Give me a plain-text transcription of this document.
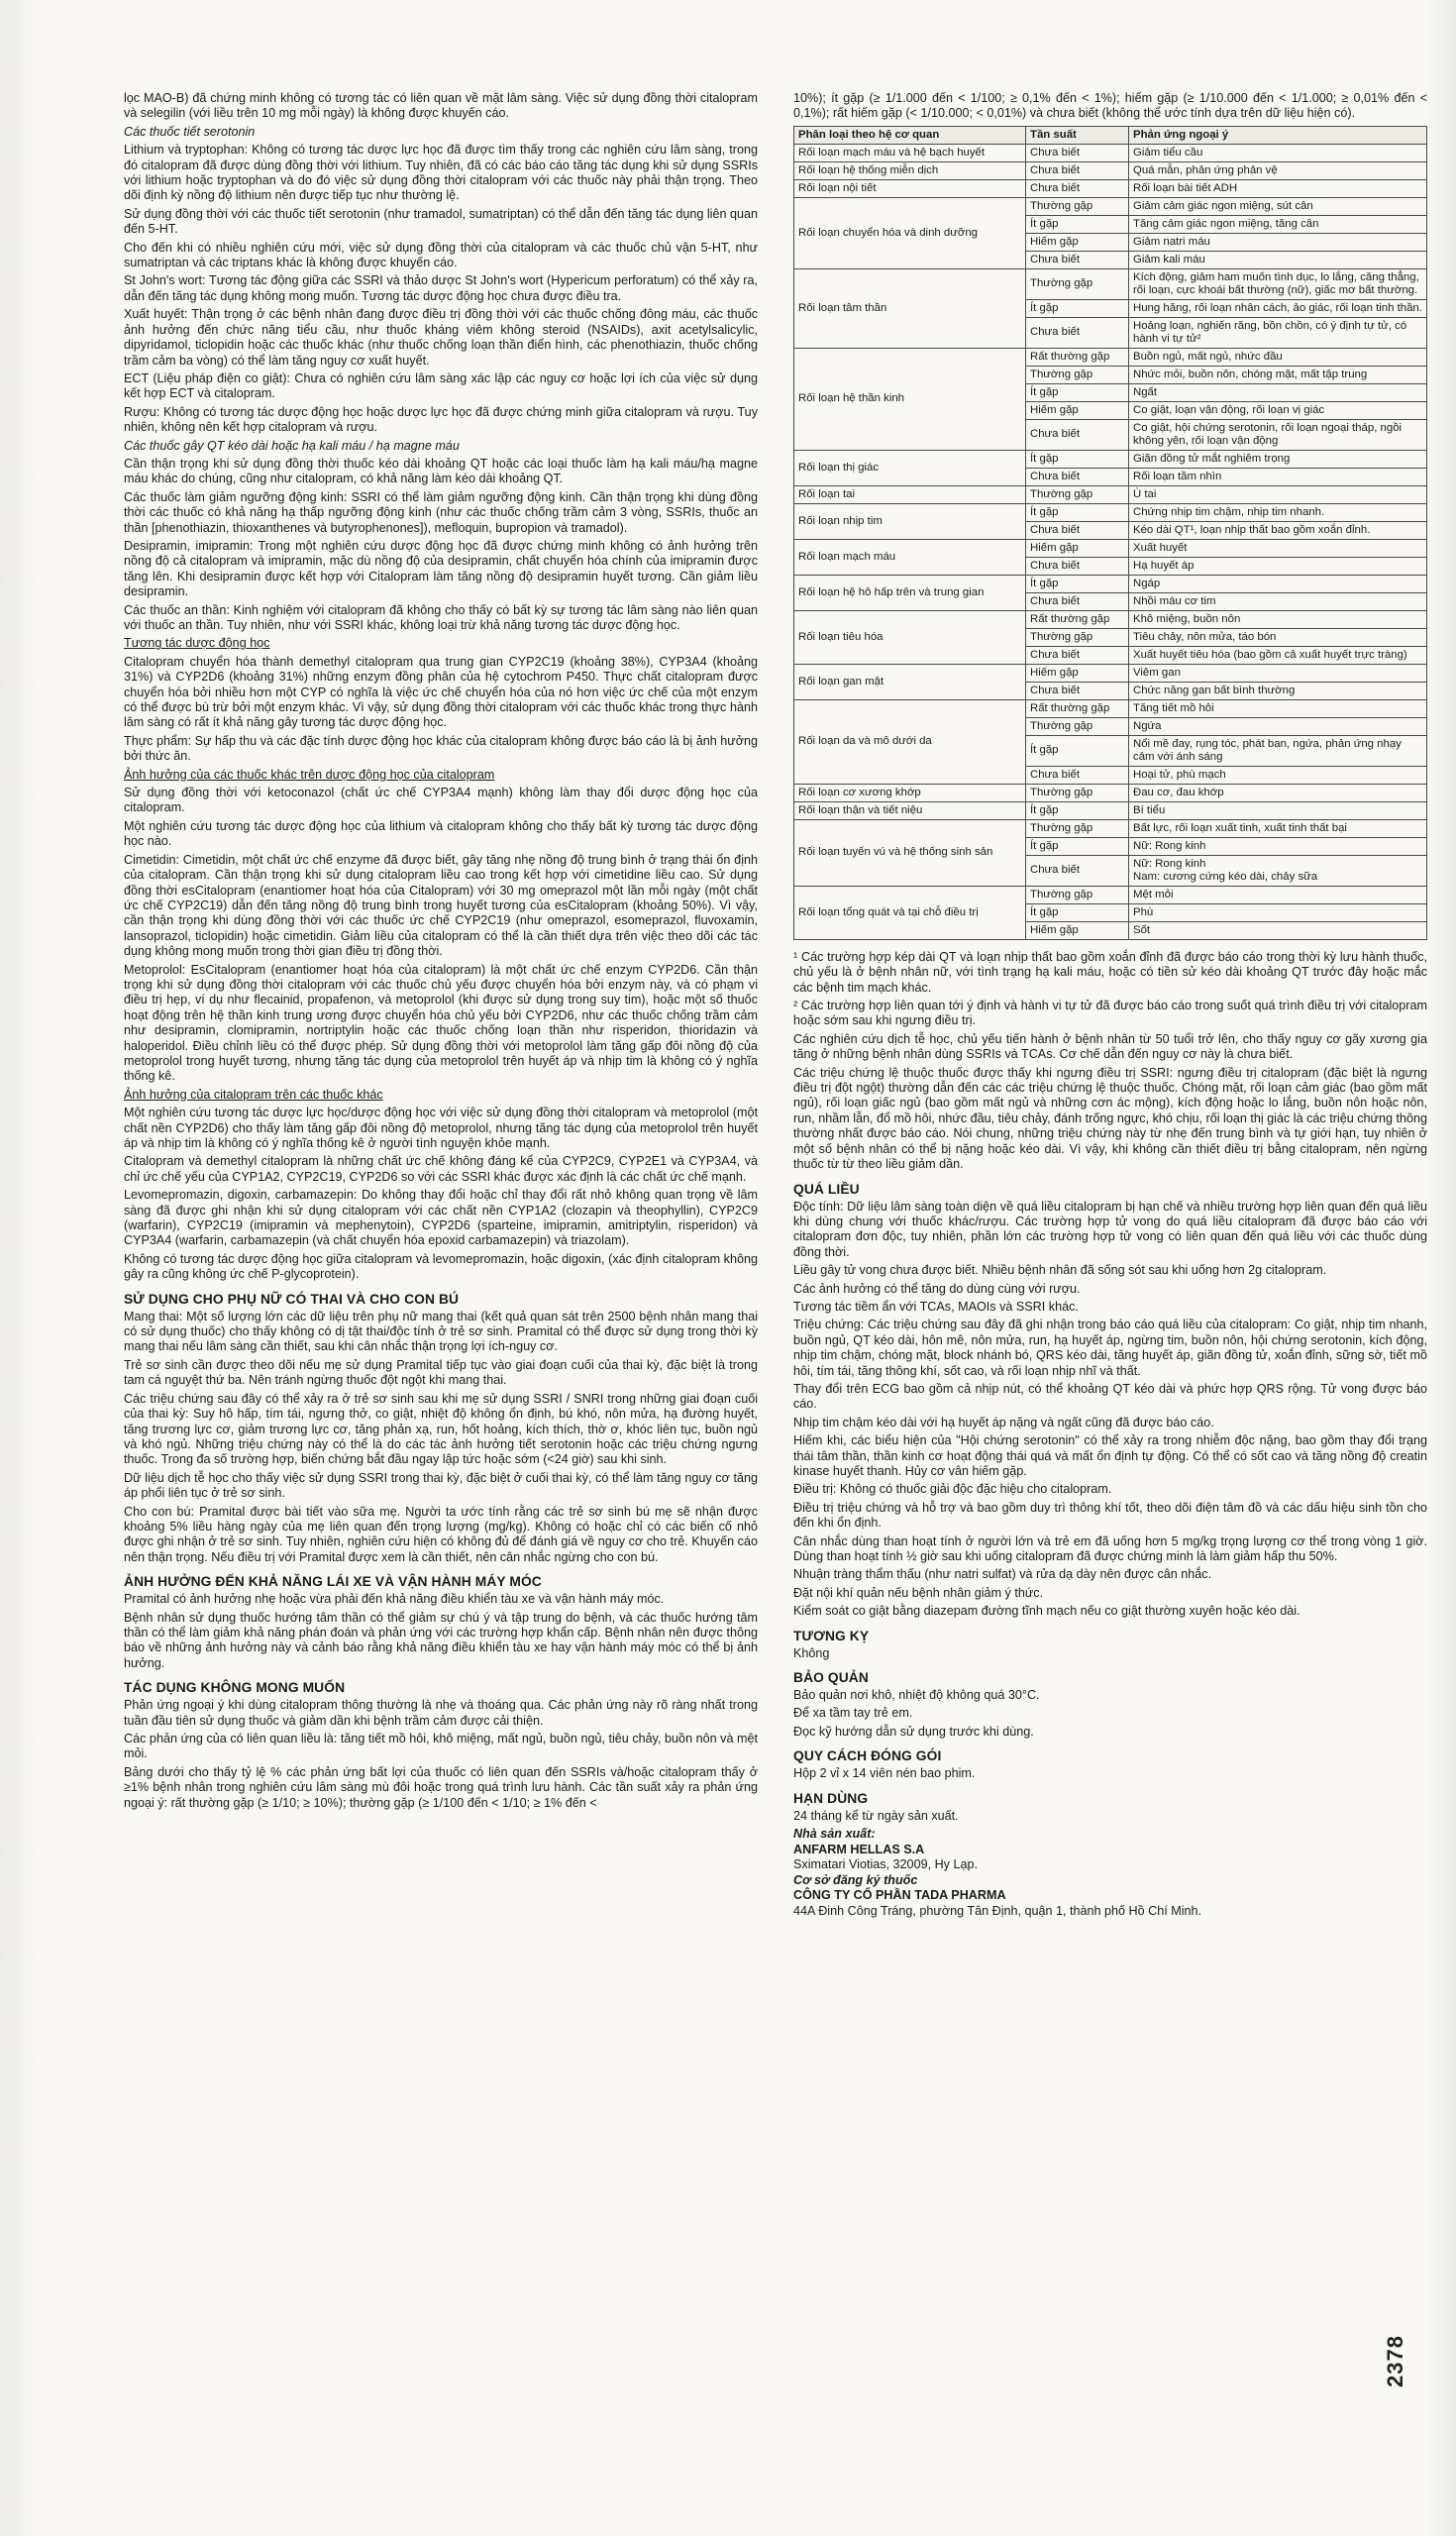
lọc MAO-B) đã chứng minh không có tương tác có liên quan về mặt lâm sàng. Việc sử dụng đồng thời citalopram và selegilin (với liều trên 10 mg mỗi ngày) là không được khuyến cáo.

Các thuốc tiết serotonin

Lithium và tryptophan: Không có tương tác dược lực học đã được tìm thấy trong các nghiên cứu lâm sàng, trong đó citalopram đã được dùng đồng thời với lithium. Tuy nhiên, đã có các báo cáo tăng tác dụng khi sử dụng SSRIs với lithium hoặc tryptophan và do đó việc sử dụng đồng thời citalopram với các thuốc này phải thận trọng. Theo dõi định kỳ nồng độ lithium nên được tiếp tục như thường lệ.

Sử dụng đồng thời với các thuốc tiết serotonin (như tramadol, sumatriptan) có thể dẫn đến tăng tác dụng liên quan đến 5-HT.

Cho đến khi có nhiều nghiên cứu mới, việc sử dụng đồng thời của citalopram và các thuốc chủ vận 5-HT, như sumatriptan và các triptans khác là không được khuyến cáo.

St John's wort: Tương tác động giữa các SSRI và thảo dược St John's wort (Hypericum perforatum) có thể xảy ra, dẫn đến tăng tác dụng không mong muốn. Tương tác dược động học chưa được điều tra.

Xuất huyết: Thận trọng ở các bệnh nhân đang được điều trị đồng thời với các thuốc chống đông máu, các thuốc ảnh hưởng đến chức năng tiểu cầu, như thuốc kháng viêm không steroid (NSAIDs), axit acetylsalicylic, dipyridamol, ticlopidin hoặc các thuốc khác (như thuốc chống loạn thần điển hình, các phenothiazin, thuốc chống trầm cảm ba vòng) có thể làm tăng nguy cơ xuất huyết.

ECT (Liệu pháp điện co giật): Chưa có nghiên cứu lâm sàng xác lập các nguy cơ hoặc lợi ích của việc sử dụng kết hợp ECT và citalopram.

Rượu: Không có tương tác dược động học hoặc dược lực học đã được chứng minh giữa citalopram và rượu. Tuy nhiên, không nên kết hợp citalopram và rượu.

Các thuốc gây QT kéo dài hoặc hạ kali máu / hạ magne máu

Cần thận trọng khi sử dụng đồng thời thuốc kéo dài khoảng QT hoặc các loại thuốc làm hạ kali máu/hạ magne máu khác do chúng, cũng như citalopram, có khả năng làm kéo dài khoảng QT.

Các thuốc làm giảm ngưỡng động kinh: SSRI có thể làm giảm ngưỡng động kinh. Cần thận trọng khi dùng đồng thời các thuốc có khả năng hạ thấp ngưỡng động kinh (như các thuốc chống trầm cảm 3 vòng, SSRIs, thuốc an thần [phenothiazin, thioxanthenes và butyrophenones]), mefloquin, bupropion và tramadol).

Desipramin, imipramin: Trong một nghiên cứu dược động học đã được chứng minh không có ảnh hưởng trên nồng độ cả citalopram và imipramin, mặc dù nồng độ của desipramin, chất chuyển hóa chính của imipramin được tăng lên. Khi desipramin được kết hợp với Citalopram làm tăng nồng độ desipramin huyết tương. Cần giảm liều desipramin.

Các thuốc an thần: Kinh nghiệm với citalopram đã không cho thấy có bất kỳ sự tương tác lâm sàng nào liên quan với thuốc an thần. Tuy nhiên, như với SSRI khác, không loại trừ khả năng tương tác dược động học.

Tương tác dược động học

Citalopram chuyển hóa thành demethyl citalopram qua trung gian CYP2C19 (khoảng 38%), CYP3A4 (khoảng 31%) và CYP2D6 (khoảng 31%) những enzym đồng phân của hệ cytochrom P450. Thực chất citalopram được chuyển hóa bởi nhiều hơn một CYP có nghĩa là việc ức chế chuyển hóa của nó hơn việc ức chế của một enzym có thể được bù trừ bởi một enzym khác. Vì vậy, sử dụng đồng thời citalopram với các thuốc khác trong thực hành lâm sàng có rất ít khả năng gây tương tác dược động học.

Thực phẩm: Sự hấp thu và các đặc tính dược động học khác của citalopram không được báo cáo là bị ảnh hưởng bởi thức ăn.

Ảnh hưởng của các thuốc khác trên dược động học của citalopram

Sử dụng đồng thời với ketoconazol (chất ức chế CYP3A4 mạnh) không làm thay đổi dược động học của citalopram.

Một nghiên cứu tương tác dược động học của lithium và citalopram không cho thấy bất kỳ tương tác dược động học nào.

Cimetidin: Cimetidin, một chất ức chế enzyme đã được biết, gây tăng nhẹ nồng độ trung bình ở trạng thái ổn định của citalopram. Cần thận trọng khi sử dụng citalopram liều cao trong kết hợp với cimetidine liều cao. Sử dụng đồng thời esCitalopram (enantiomer hoạt hóa của Citalopram) với 30 mg omeprazol một lần mỗi ngày (một chất ức chế CYP2C19) dẫn đến tăng nồng độ trung bình trong huyết tương của esCitalopram (khoảng 50%). Vì vậy, cần thận trọng khi dùng đồng thời với các thuốc ức chế CYP2C19 (như omeprazol, esomeprazol, fluvoxamin, lansoprazol, ticlopidin) hoặc cimetidin. Giảm liều của citalopram có thể là cần thiết dựa trên việc theo dõi các tác dụng không mong muốn trong thời gian điều trị đồng thời.

Metoprolol: EsCitalopram (enantiomer hoạt hóa của citalopram) là một chất ức chế enzym CYP2D6. Cần thận trọng khi sử dụng đồng thời citalopram với các thuốc chủ yếu được chuyển hóa bởi enzym này, và có phạm vi điều trị hẹp, ví dụ như flecainid, propafenon, và metoprolol (khi được sử dụng trong suy tim), hoặc một số thuốc hoạt động trên hệ thần kinh trung ương được chuyển hóa chủ yếu bởi CYP2D6, như các thuốc chống trầm cảm như desipramin, clomipramin, nortriptylin hoặc các thuốc chống loạn thần như risperidon, thioridazin và haloperidol. Điều chỉnh liều có thể được phép. Sử dụng đồng thời với metoprolol làm tăng gấp đôi nồng độ của metoprolol trong huyết tương, nhưng tăng tác dụng của metoprolol trên huyết áp và nhịp tim là không có ý nghĩa thống kê.

Ảnh hưởng của citalopram trên các thuốc khác

Một nghiên cứu tương tác dược lực học/dược động học với việc sử dụng đồng thời citalopram và metoprolol (một chất nền CYP2D6) cho thấy làm tăng gấp đôi nồng độ metoprolol, nhưng tăng tác dụng của metoprolol trên huyết áp và nhịp tim là không có ý nghĩa thống kê ở người tình nguyện khỏe mạnh.

Citalopram và demethyl citalopram là những chất ức chế không đáng kể của CYP2C9, CYP2E1 và CYP3A4, và chỉ ức chế yếu của CYP1A2, CYP2C19, CYP2D6 so với các SSRI khác được xác định là các chất ức chế mạnh.

Levomepromazin, digoxin, carbamazepin: Do không thay đổi hoặc chỉ thay đổi rất nhỏ không quan trọng về lâm sàng đã được ghi nhận khi sử dụng citalopram với các chất nền CYP1A2 (clozapin và theophyllin), CYP2C9 (warfarin), CYP2C19 (imipramin và mephenytoin), CYP2D6 (sparteine, imipramin, amitriptylin, risperidon) và CYP3A4 (warfarin, carbamazepin (và chất chuyển hóa epoxid carbamazepin) và triazolam).

Không có tương tác dược động học giữa citalopram và levomepromazin, hoặc digoxin, (xác định citalopram không gây ra cũng không ức chế P-glycoprotein).

SỬ DỤNG CHO PHỤ NỮ CÓ THAI VÀ CHO CON BÚ

Mang thai: Một số lượng lớn các dữ liệu trên phụ nữ mang thai (kết quả quan sát trên 2500 bệnh nhân mang thai có sử dụng thuốc) cho thấy không có dị tật thai/độc tính ở trẻ sơ sinh. Pramital có thể được sử dụng trong thời kỳ mang thai nếu lâm sàng cần thiết, sau khi cân nhắc thận trọng lợi ích-nguy cơ.

Trẻ sơ sinh cần được theo dõi nếu mẹ sử dụng Pramital tiếp tục vào giai đoạn cuối của thai kỳ, đặc biệt là trong tam cá nguyệt thứ ba. Nên tránh ngừng thuốc đột ngột khi mang thai.

Các triệu chứng sau đây có thể xảy ra ở trẻ sơ sinh sau khi mẹ sử dụng SSRI / SNRI trong những giai đoạn cuối của thai kỳ: Suy hô hấp, tím tái, ngưng thở, co giật, nhiệt độ không ổn định, bú khó, nôn mửa, hạ đường huyết, tăng trương lực cơ, giảm trương lực cơ, tăng phản xạ, run, hốt hoảng, kích thích, thờ ơ, khóc liên tục, buồn ngủ và khó ngủ. Những triệu chứng này có thể là do các tác ảnh hưởng tiết serotonin hoặc các triệu chứng ngưng thuốc. Trong đa số trường hợp, biến chứng bắt đầu ngay lập tức hoặc sớm (<24 giờ) sau khi sinh.

Dữ liệu dịch tễ học cho thấy việc sử dụng SSRI trong thai kỳ, đặc biệt ở cuối thai kỳ, có thể làm tăng nguy cơ tăng áp phổi liên tục ở trẻ sơ sinh.

Cho con bú: Pramital được bài tiết vào sữa mẹ. Người ta ước tính rằng các trẻ sơ sinh bú mẹ sẽ nhận được khoảng 5% liều hàng ngày của mẹ liên quan đến trọng lượng (mg/kg). Không có hoặc chỉ có các biến cố nhỏ được ghi nhận ở trẻ sơ sinh. Tuy nhiên, nghiên cứu hiện có không đủ để đánh giá về nguy cơ cho trẻ. Khuyến cáo nên thận trọng. Nếu điều trị với Pramital được xem là cần thiết, nên cân nhắc ngừng cho con bú.

ẢNH HƯỞNG ĐẾN KHẢ NĂNG LÁI XE VÀ VẬN HÀNH MÁY MÓC

Pramital có ảnh hưởng nhẹ hoặc vừa phải đến khả năng điều khiển tàu xe và vận hành máy móc.

Bệnh nhân sử dụng thuốc hướng tâm thần có thể giảm sự chú ý và tập trung do bệnh, và các thuốc hướng tâm thần có thể làm giảm khả năng phán đoán và phản ứng với các trường hợp khẩn cấp. Bệnh nhân nên được thông báo về những ảnh hưởng này và cảnh báo rằng khả năng điều khiển tàu xe hay vận hành máy móc có thể bị ảnh hưởng.

TÁC DỤNG KHÔNG MONG MUỐN

Phản ứng ngoại ý khi dùng citalopram thông thường là nhẹ và thoáng qua. Các phản ứng này rõ ràng nhất trong tuần đầu tiên sử dụng thuốc và giảm dần khi bệnh trầm cảm được cải thiện.

Các phản ứng của có liên quan liều là: tăng tiết mồ hôi, khô miệng, mất ngủ, buồn ngủ, tiêu chảy, buồn nôn và mệt mỏi.

Bảng dưới cho thấy tỷ lệ % các phản ứng bất lợi của thuốc có liên quan đến SSRIs và/hoặc citalopram thấy ở ≥1% bệnh nhân trong nghiên cứu lâm sàng mù đôi hoặc trong quá trình lưu hành. Các tần suất xảy ra phản ứng ngoại ý: rất thường gặp (≥ 1/10; ≥ 10%); thường gặp (≥ 1/100 đến < 1/10; ≥ 1% đến <

10%); ít gặp (≥ 1/1.000 đến < 1/100; ≥ 0,1% đến < 1%); hiếm gặp (≥ 1/10.000 đến < 1/1.000; ≥ 0,01% đến < 0,1%); rất hiếm gặp (< 1/10.000; < 0,01%) và chưa biết (không thể ước tính dựa trên dữ liệu hiện có).

Phân loại theo hệ cơ quan	Tần suất	Phản ứng ngoại ý
Rối loạn mạch máu và hệ bạch huyết	Chưa biết	Giảm tiểu cầu
Rối loạn hệ thống miễn dịch	Chưa biết	Quá mẫn, phản ứng phản vệ
Rối loạn nội tiết	Chưa biết	Rối loạn bài tiết ADH
Rối loạn chuyển hóa và dinh dưỡng	Thường gặp	Giảm cảm giác ngon miệng, sút cân
	Ít gặp	Tăng cảm giác ngon miệng, tăng cân
	Hiếm gặp	Giảm natri máu
	Chưa biết	Giảm kali máu
Rối loạn tâm thần	Thường gặp	Kích động, giảm ham muốn tình dục, lo lắng, căng thẳng, rối loạn, cực khoái bất thường (nữ), giấc mơ bất thường.
	Ít gặp	Hung hăng, rối loạn nhân cách, ảo giác, rối loạn tinh thần.
	Chưa biết	Hoảng loạn, nghiến răng, bồn chồn, có ý định tự tử, có hành vi tự tử²
Rối loạn hệ thần kinh	Rất thường gặp	Buồn ngủ, mất ngủ, nhức đầu
	Thường gặp	Nhức mỏi, buồn nôn, chóng mặt, mất tập trung
	Ít gặp	Ngất
	Hiếm gặp	Co giật, loạn vận động, rối loạn vị giác
	Chưa biết	Co giật, hội chứng serotonin, rối loạn ngoại tháp, ngồi không yên, rối loạn vận động
Rối loạn thị giác	Ít gặp	Giãn đồng tử mắt nghiêm trọng
	Chưa biết	Rối loạn tầm nhìn
Rối loạn tai	Thường gặp	Ù tai
Rối loạn nhịp tim	Ít gặp	Chứng nhịp tim chậm, nhịp tim nhanh.
	Chưa biết	Kéo dài QT¹, loạn nhịp thất bao gồm xoắn đỉnh.
Rối loạn mạch máu	Hiếm gặp	Xuất huyết
	Chưa biết	Hạ huyết áp
Rối loạn hệ hô hấp trên và trung gian	Ít gặp	Ngáp
	Chưa biết	Nhồi máu cơ tim
Rối loạn tiêu hóa	Rất thường gặp	Khô miệng, buồn nôn
	Thường gặp	Tiêu chảy, nôn mửa, táo bón
	Chưa biết	Xuất huyết tiêu hóa (bao gồm cả xuất huyết trực tràng)
Rối loạn gan mật	Hiếm gặp	Viêm gan
	Chưa biết	Chức năng gan bất bình thường
Rối loạn da và mô dưới da	Rất thường gặp	Tăng tiết mồ hôi
	Thường gặp	Ngứa
	Ít gặp	Nổi mề đay, rụng tóc, phát ban, ngứa, phản ứng nhạy cảm với ánh sáng
	Chưa biết	Hoại tử, phù mạch
Rối loạn cơ xương khớp	Thường gặp	Đau cơ, đau khớp
Rối loạn thận và tiết niệu	Ít gặp	Bí tiểu
Rối loạn tuyến vú và hệ thống sinh sản	Thường gặp	Bất lực, rối loạn xuất tinh, xuất tinh thất bại
	Ít gặp	Nữ: Rong kinh
	Chưa biết	Nữ: Rong kinh
Nam: cương cứng kéo dài, chảy sữa
Rối loạn tổng quát và tại chỗ điều trị	Thường gặp	Mệt mỏi
	Ít gặp	Phù
	Hiếm gặp	Sốt

¹ Các trường hợp kép dài QT và loạn nhịp thất bao gồm xoắn đỉnh đã được báo cáo trong thời kỳ lưu hành thuốc, chủ yếu là ở bệnh nhân nữ, với tình trạng hạ kali máu, hoặc có tiền sử kéo dài khoảng QT trước đây hoặc mắc các bệnh tim mạch khác.

² Các trường hợp liên quan tới ý định và hành vi tự tử đã được báo cáo trong suốt quá trình điều trị với citalopram hoặc sớm sau khi ngưng điều trị.

Các nghiên cứu dịch tễ học, chủ yếu tiến hành ở bệnh nhân từ 50 tuổi trở lên, cho thấy nguy cơ gãy xương gia tăng ở những bệnh nhân dùng SSRIs và TCAs. Cơ chế dẫn đến nguy cơ này là chưa biết.

Các triệu chứng lệ thuộc thuốc được thấy khi ngưng điều trị SSRI: ngưng điều trị citalopram (đặc biệt là ngưng điều trị đột ngột) thường dẫn đến các các triệu chứng lệ thuộc thuốc. Chóng mặt, rối loạn cảm giác (bao gồm mất ngủ), rối loạn giấc ngủ (bao gồm mất ngủ và những cơn ác mộng), kích động hoặc lo lắng, buồn nôn hoặc nôn, run, nhầm lẫn, đổ mồ hôi, nhức đầu, tiêu chảy, đánh trống ngực, khó chịu, rối loạn thị giác là các triệu chứng thông thường nhất được báo cáo. Nói chung, những triệu chứng này từ nhẹ đến trung bình và tự giới hạn, tuy nhiên ở một số bệnh nhân có thể bị nặng hoặc kéo dài. Vì vậy, khi không cần thiết điều trị bằng citalopram, nên ngừng thuốc từ từ theo liều giảm dần.

QUÁ LIỀU

Độc tính: Dữ liệu lâm sàng toàn diện về quá liều citalopram bị hạn chế và nhiều trường hợp liên quan đến quá liều khi dùng chung với thuốc khác/rượu. Các trường hợp tử vong do quá liều citalopram đã được báo cáo với citalopram đơn độc, tuy nhiên, phần lớn các trường hợp tử vong có liên quan đến quá liều với các thuốc dùng đồng thời.

Liều gây tử vong chưa được biết. Nhiều bệnh nhân đã sống sót sau khi uống hơn 2g citalopram.

Các ảnh hưởng có thể tăng do dùng cùng với rượu.

Tương tác tiềm ẩn với TCAs, MAOIs và SSRI khác.

Triệu chứng: Các triệu chứng sau đây đã ghi nhận trong báo cáo quá liều của citalopram: Co giật, nhịp tim nhanh, buồn ngủ, QT kéo dài, hôn mê, nôn mửa, run, hạ huyết áp, ngừng tim, buồn nôn, hội chứng serotonin, kích động, nhịp tim chậm, chóng mặt, block nhánh bó, QRS kéo dài, tăng huyết áp, giãn đồng tử, xoắn đỉnh, sững sờ, tiết mồ hôi, tím tái, tăng thông khí, sốt cao, và rối loạn nhịp nhĩ và thất.

Thay đổi trên ECG bao gồm cả nhịp nút, có thể khoảng QT kéo dài và phức hợp QRS rộng. Tử vong được báo cáo.

Nhịp tim chậm kéo dài với hạ huyết áp nặng và ngất cũng đã được báo cáo.

Hiếm khi, các biểu hiện của "Hội chứng serotonin" có thể xảy ra trong nhiễm độc nặng, bao gồm thay đổi trạng thái tâm thần, thần kinh cơ hoạt động thái quá và mất ổn định tự động. Có thể có sốt cao và tăng nồng độ creatin kinase huyết thanh. Hủy cơ vân hiếm gặp.

Điều trị: Không có thuốc giải độc đặc hiệu cho citalopram.

Điều trị triệu chứng và hỗ trợ và bao gồm duy trì thông khí tốt, theo dõi điện tâm đồ và các dấu hiệu sinh tồn cho đến khi ổn định.

Cân nhắc dùng than hoạt tính ở người lớn và trẻ em đã uống hơn 5 mg/kg trọng lượng cơ thể trong vòng 1 giờ. Dùng than hoạt tính ½ giờ sau khi uống citalopram đã được chứng minh là làm giảm hấp thu 50%.

Nhuận tràng thẩm thấu (như natri sulfat) và rửa dạ dày nên được cân nhắc.

Đặt nội khí quản nếu bệnh nhân giảm ý thức.

Kiểm soát co giật bằng diazepam đường tĩnh mạch nếu co giật thường xuyên hoặc kéo dài.

TƯƠNG KỴ

Không

BẢO QUẢN

Bảo quản nơi khô, nhiệt độ không quá 30°C.

Để xa tầm tay trẻ em.

Đọc kỹ hướng dẫn sử dụng trước khi dùng.

QUY CÁCH ĐÓNG GÓI

Hộp 2 vỉ x 14 viên nén bao phim.

HẠN DÙNG

24 tháng kể từ ngày sản xuất.

Nhà sản xuất:
ANFARM HELLAS S.A
Sximatari Viotias, 32009, Hy Lạp.
Cơ sở đăng ký thuốc
CÔNG TY CỔ PHẦN TADA PHARMA
44A Đinh Công Tráng, phường Tân Định, quận 1, thành phố Hồ Chí Minh.
2378
